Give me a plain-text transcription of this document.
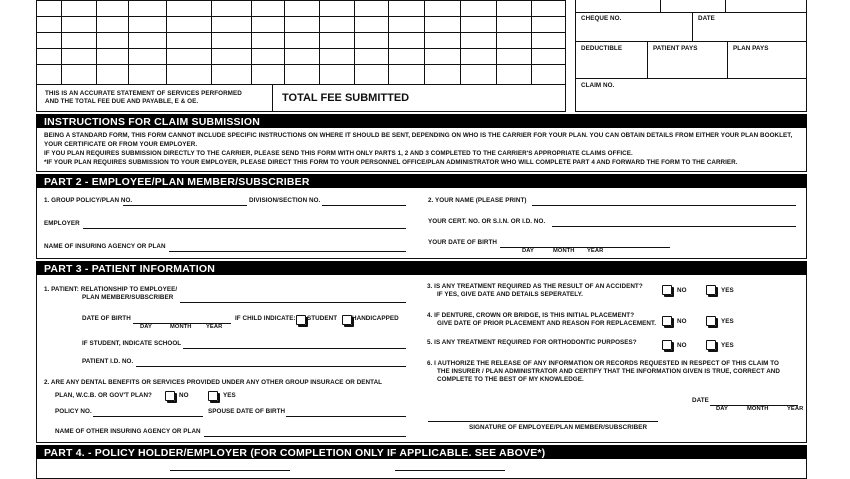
THIS IS AN ACCURATE STATEMENT OF SERVICES PERFORMED
AND THE TOTAL FEE DUE AND PAYABLE, E & OE.	TOTAL FEE SUBMITTED
CHEQUE NO.	DATE
DEDUCTIBLE	PATIENT PAYS	PLAN PAYS
CLAIM NO.
INSTRUCTIONS FOR CLAIM SUBMISSION
BEING A STANDARD FORM, THIS FORM CANNOT INCLUDE SPECIFIC INSTRUCTIONS ON WHERE IT SHOULD BE SENT, DEPENDING ON WHO IS THE CARRIER FOR YOUR PLAN. YOU CAN OBTAIN DETAILS FROM EITHER YOUR PLAN BOOKLET,
YOUR CERTIFICATE OR FROM YOUR EMPLOYER.
IF YOU PLAN REQUIRES SUBMISSION DIRECTLY TO THE CARRIER, PLEASE SEND THIS FORM WITH ONLY PARTS 1, 2 AND 3 COMPLETED TO THE CARRIER'S APPROPRIATE CLAIMS OFFICE.
*IF YOUR PLAN REQUIRES SUBMISSION TO YOUR EMPLOYER, PLEASE DIRECT THIS FORM TO YOUR PERSONNEL OFFICE/PLAN ADMINISTRATOR WHO WILL COMPLETE PART 4 AND FORWARD THE FORM TO THE CARRIER.
PART 2 - EMPLOYEE/PLAN MEMBER/SUBSCRIBER
1. GROUP POLICY/PLAN NO.	DIVISION/SECTION NO.
EMPLOYER
NAME OF INSURING AGENCY OR PLAN
2. YOUR NAME (PLEASE PRINT)
YOUR CERT. NO. OR S.I.N. OR I.D. NO.
YOUR DATE OF BIRTH
DAY	MONTH YEAR
PART 3 - PATIENT INFORMATION
1. PATIENT: RELATIONSHIP TO EMPLOYEE/
PLAN MEMBER/SUBSCRIBER
DATE OF BIRTH
DAY	MONTH YEAR
IF CHILD INDICATE: STUDENT HANDICAPPED
IF STUDENT, INDICATE SCHOOL
PATIENT I.D. NO.
2. ARE ANY DENTAL BENEFITS OR SERVICES PROVIDED UNDER ANY OTHER GROUP INSURACE OR DENTAL
PLAN, W.C.B. OR GOV'T PLAN?	NO	YES
POLICY NO.	SPOUSE DATE OF BIRTH
NAME OF OTHER INSURING AGENCY OR PLAN
3. IS ANY TREATMENT REQUIRED AS THE RESULT OF AN ACCIDENT?
IF YES, GIVE DATE AND DETAILS SEPERATELY.
NO	YES
4. IF DENTURE, CROWN OR BRIDGE, IS THIS INITIAL PLACEMENT?
GIVE DATE OF PRIOR PLACEMENT AND REASON FOR REPLACEMENT.	NO	YES
5. IS ANY TREATMENT REQUIRED FOR ORTHODONTIC PURPOSES?	NO	YES
6. I AUTHORIZE THE RELEASE OF ANY INFORMATION OR RECORDS REQUESTED IN RESPECT OF THIS CLAIM TO
THE INSURER / PLAN ADMINISTRATOR AND CERTIFY THAT THE INFORMATION GIVEN IS TRUE, CORRECT AND
COMPLETE TO THE BEST OF MY KNOWLEDGE.
DATE
DAY	MONTH	YEAR
SIGNATURE OF EMPLOYEE/PLAN MEMBER/SUBSCRIBER
PART 4. - POLICY HOLDER/EMPLOYER (FOR COMPLETION ONLY IF APPLICABLE. SEE ABOVE*)
